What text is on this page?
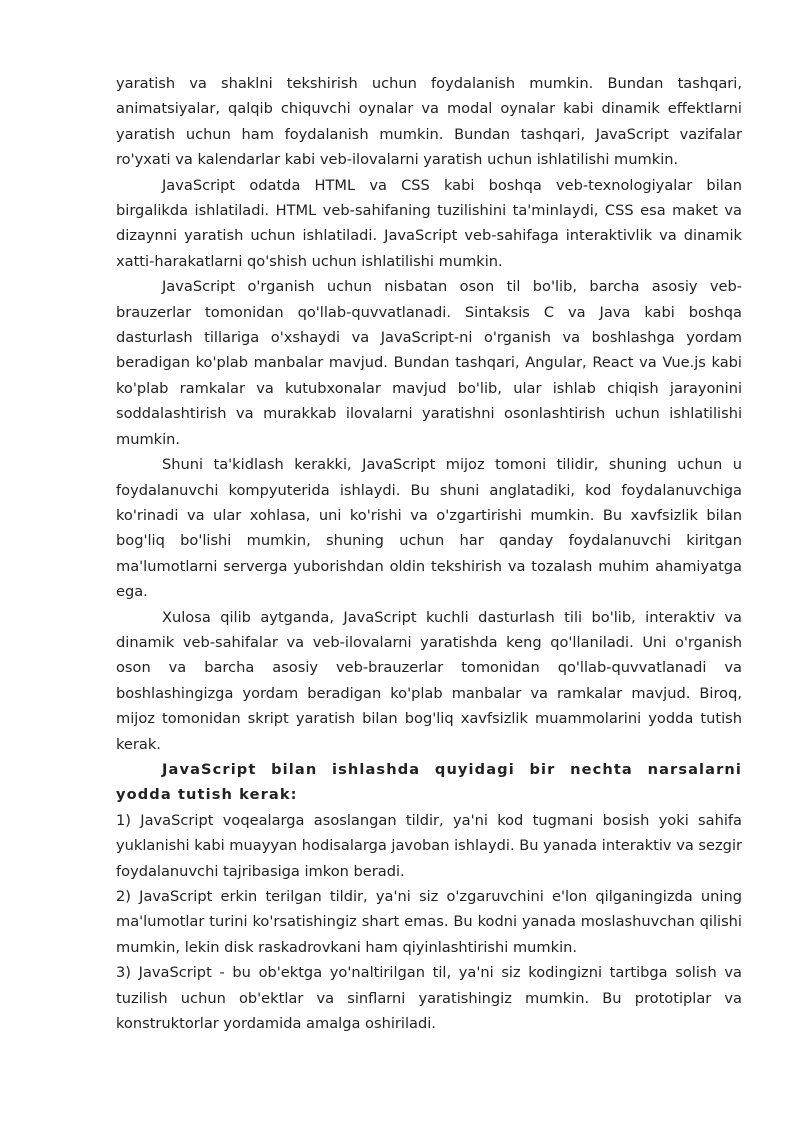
yaratish va shaklni tekshirish uchun foydalanish mumkin. Bundan tashqari, animatsiyalar, qalqib chiquvchi oynalar va modal oynalar kabi dinamik effektlarni yaratish uchun ham foydalanish mumkin. Bundan tashqari, JavaScript vazifalar ro'yxati va kalendarlar kabi veb-ilovalarni yaratish uchun ishlatilishi mumkin.

JavaScript odatda HTML va CSS kabi boshqa veb-texnologiyalar bilan birgalikda ishlatiladi. HTML veb-sahifaning tuzilishini ta'minlaydi, CSS esa maket va dizaynni yaratish uchun ishlatiladi. JavaScript veb-sahifaga interaktivlik va dinamik xatti-harakatlarni qo'shish uchun ishlatilishi mumkin.

JavaScript o'rganish uchun nisbatan oson til bo'lib, barcha asosiy veb-brauzerlar tomonidan qo'llab-quvvatlanadi. Sintaksis C va Java kabi boshqa dasturlash tillariga o'xshaydi va JavaScript-ni o'rganish va boshlashga yordam beradigan ko'plab manbalar mavjud. Bundan tashqari, Angular, React va Vue.js kabi ko'plab ramkalar va kutubxonalar mavjud bo'lib, ular ishlab chiqish jarayonini soddalashtirish va murakkab ilovalarni yaratishni osonlashtirish uchun ishlatilishi mumkin.

Shuni ta'kidlash kerakki, JavaScript mijoz tomoni tilidir, shuning uchun u foydalanuvchi kompyuterida ishlaydi. Bu shuni anglatadiki, kod foydalanuvchiga ko'rinadi va ular xohlasa, uni ko'rishi va o'zgartirishi mumkin. Bu xavfsizlik bilan bog'liq bo'lishi mumkin, shuning uchun har qanday foydalanuvchi kiritgan ma'lumotlarni serverga yuborishdan oldin tekshirish va tozalash muhim ahamiyatga ega.

Xulosa qilib aytganda, JavaScript kuchli dasturlash tili bo'lib, interaktiv va dinamik veb-sahifalar va veb-ilovalarni yaratishda keng qo'llaniladi. Uni o'rganish oson va barcha asosiy veb-brauzerlar tomonidan qo'llab-quvvatlanadi va boshlashingizga yordam beradigan ko'plab manbalar va ramkalar mavjud. Biroq, mijoz tomonidan skript yaratish bilan bog'liq xavfsizlik muammolarini yodda tutish kerak.

JavaScript bilan ishlashda quyidagi bir nechta narsalarni yodda tutish kerak:

1) JavaScript voqealarga asoslangan tildir, ya'ni kod tugmani bosish yoki sahifa yuklanishi kabi muayyan hodisalarga javoban ishlaydi. Bu yanada interaktiv va sezgir foydalanuvchi tajribasiga imkon beradi.

2) JavaScript erkin terilgan tildir, ya'ni siz o'zgaruvchini e'lon qilganingizda uning ma'lumotlar turini ko'rsatishingiz shart emas. Bu kodni yanada moslashuvchan qilishi mumkin, lekin disk raskadrovkani ham qiyinlashtirishi mumkin.

3) JavaScript - bu ob'ektga yo'naltirilgan til, ya'ni siz kodingizni tartibga solish va tuzilish uchun ob'ektlar va sinflarni yaratishingiz mumkin. Bu prototiplar va konstruktorlar yordamida amalga oshiriladi.
